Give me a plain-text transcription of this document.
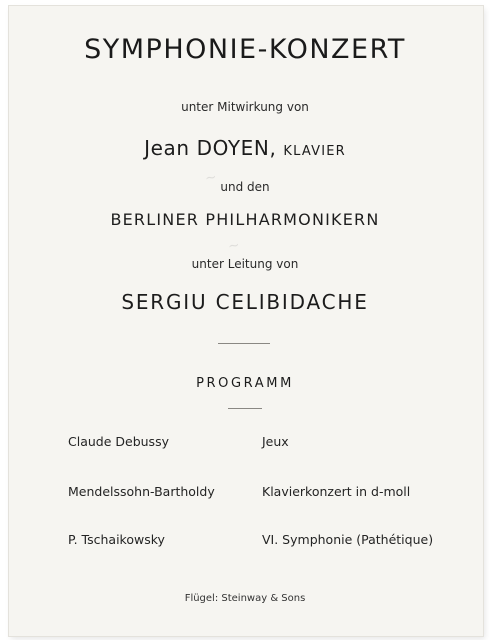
~
~
SYMPHONIE-KONZERT
unter Mitwirkung von
Jean DOYEN, KLAVIER
und den
BERLINER PHILHARMONIKERN
unter Leitung von
SERGIU CELIBIDACHE
PROGRAMM
Claude Debussy	Jeux
Mendelssohn-Bartholdy	Klavierkonzert in d-moll
P. Tschaikowsky	VI. Symphonie (Pathétique)
Flügel: Steinway & Sons
